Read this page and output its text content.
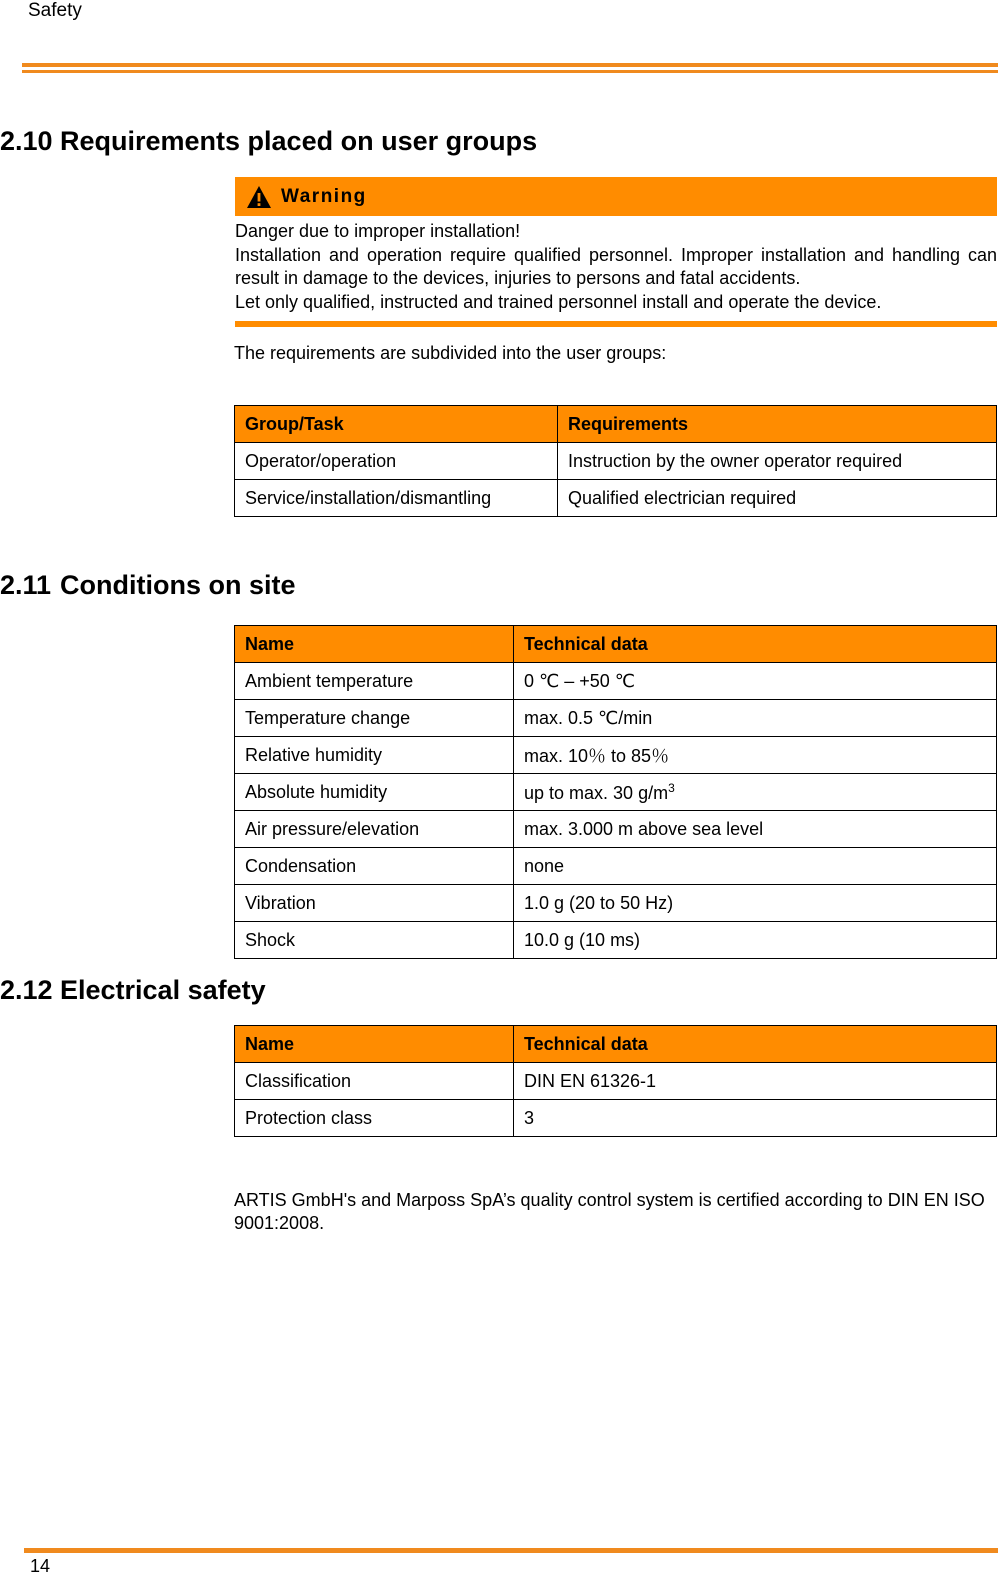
Safety
2.10 Requirements placed on user groups
Warning

Danger due to improper installation!

Installation and operation require qualified personnel. Improper installation and handling can result in damage to the devices, injuries to persons and fatal accidents.

Let only qualified, instructed and trained personnel install and operate the device.

The requirements are subdivided into the user groups:

Group/Task	Requirements
Operator/operation	Instruction by the owner operator required
Service/installation/dismantling	Qualified electrician required
2.11 Conditions on site
Name	Technical data
Ambient temperature	0 ℃ – +50 ℃
Temperature change	max. 0.5 ℃/min
Relative humidity	max. 10％ to 85％
Absolute humidity	up to max. 30 $g/m^3$
Air pressure/elevation	max. 3.000 m above sea level
Condensation	none
Vibration	1.0 g (20 to 50 Hz)
Shock	10.0 g (10 ms)
2.12 Electrical safety
Name	Technical data
Classification	DIN EN 61326-1
Protection class	3

ARTIS GmbH's and Marposs SpA’s quality control system is certified according to DIN EN ISO 9001:2008.

14
